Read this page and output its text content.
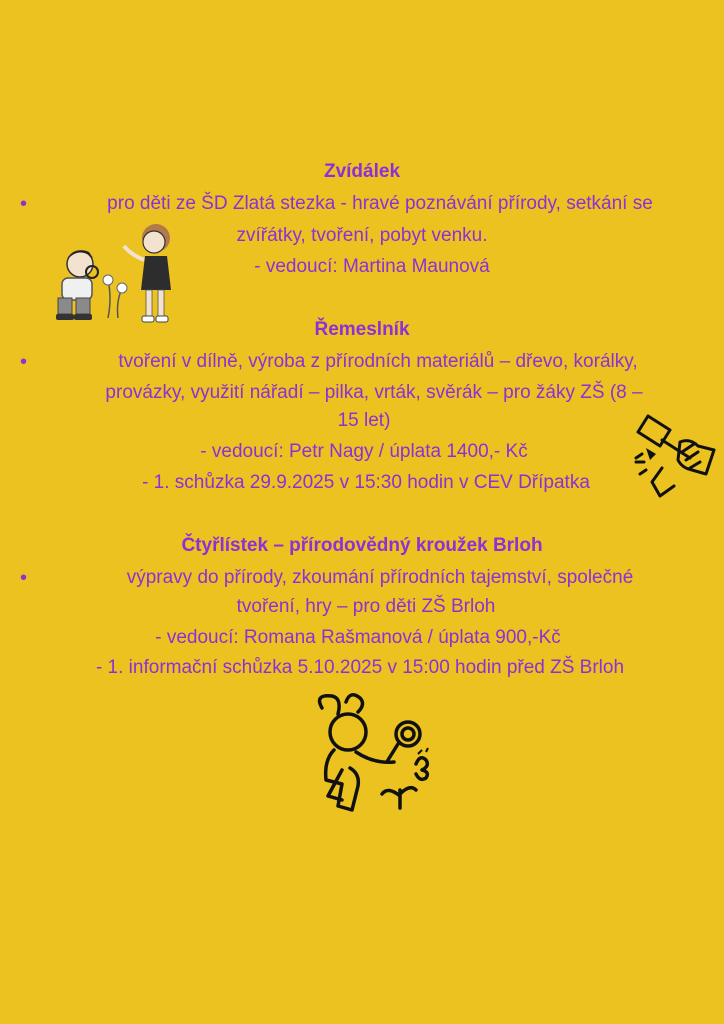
Zvídálek
•	pro děti ze ŠD Zlatá stezka - hravé poznávání přírody, setkání se
zvířátky, tvoření, pobyt venku.
- vedoucí: Martina Maunová
Řemeslník
•	tvoření v dílně, výroba z přírodních materiálů – dřevo, korálky,
provázky, využití nářadí – pilka, vrták, svěrák – pro žáky ZŠ (8 –
15 let)
- vedoucí: Petr Nagy / úplata 1400,- Kč
- 1. schůzka 29.9.2025 v 15:30 hodin v CEV Dřípatka
Čtyřlístek – přírodovědný kroužek Brloh
•	výpravy do přírody, zkoumání přírodních tajemství, společné
tvoření, hry – pro děti ZŠ Brloh
- vedoucí: Romana Rašmanová / úplata 900,-Kč
- 1. informační schůzka 5.10.2025 v 15:00 hodin před ZŠ Brloh
